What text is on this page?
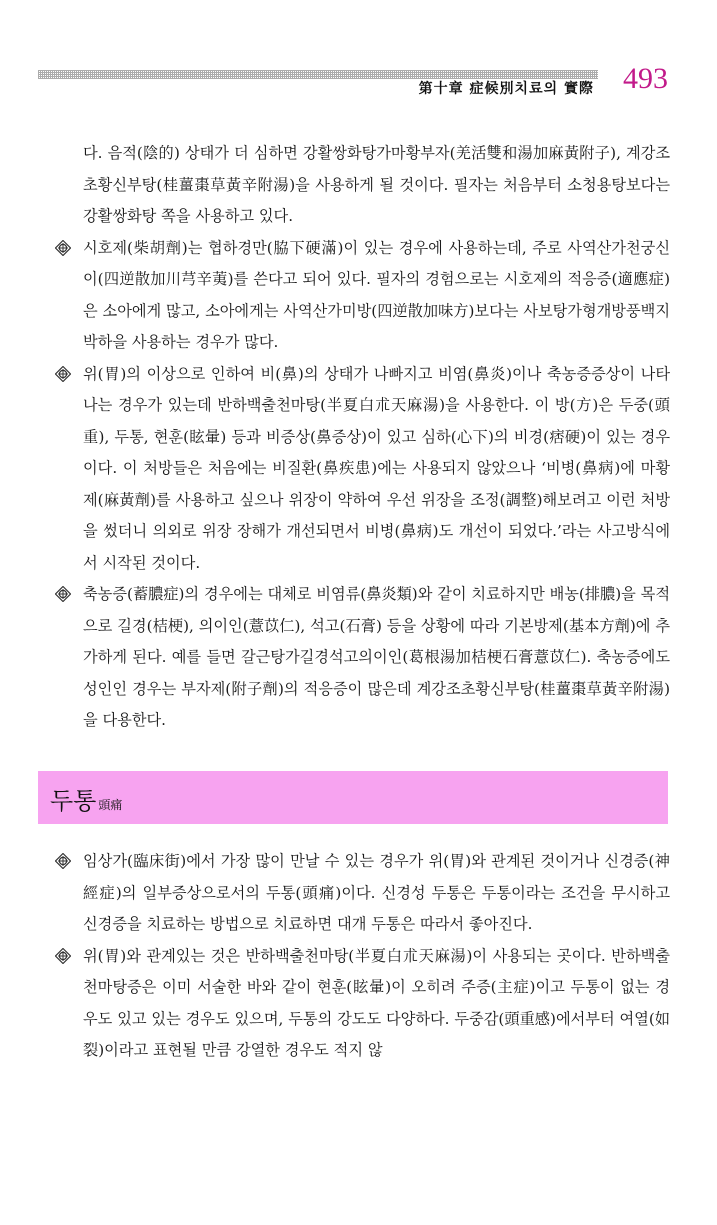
第十章 症候別치료의 實際 493

다. 음적(陰的) 상태가 더 심하면 강활쌍화탕가마황부자(羌活雙和湯加麻黃附子), 계강조초황신부탕(桂薑棗草黃辛附湯)을 사용하게 될 것이다. 필자는 처음부터 소청용탕보다는 강활쌍화탕 쪽을 사용하고 있다.

시호제(柴胡劑)는 협하경만(脇下硬滿)이 있는 경우에 사용하는데, 주로 사역산가천궁신이(四逆散加川芎辛荑)를 쓴다고 되어 있다. 필자의 경험으로는 시호제의 적응증(適應症)은 소아에게 많고, 소아에게는 사역산가미방(四逆散加味方)보다는 사보탕가형개방풍백지박하을 사용하는 경우가 많다.

위(胃)의 이상으로 인하여 비(鼻)의 상태가 나빠지고 비염(鼻炎)이나 축농증증상이 나타나는 경우가 있는데 반하백출천마탕(半夏白朮天麻湯)을 사용한다. 이 방(方)은 두중(頭重), 두통, 현훈(眩暈) 등과 비증상(鼻증상)이 있고 심하(心下)의 비경(痞硬)이 있는 경우이다. 이 처방들은 처음에는 비질환(鼻疾患)에는 사용되지 않았으나 ‘비병(鼻病)에 마황제(麻黃劑)를 사용하고 싶으나 위장이 약하여 우선 위장을 조정(調整)해보려고 이런 처방을 썼더니 의외로 위장 장해가 개선되면서 비병(鼻病)도 개선이 되었다.’라는 사고방식에서 시작된 것이다.

축농증(蓄膿症)의 경우에는 대체로 비염류(鼻炎類)와 같이 치료하지만 배농(排膿)을 목적으로 길경(桔梗), 의이인(薏苡仁), 석고(石膏) 등을 상황에 따라 기본방제(基本方劑)에 추가하게 된다. 예를 들면 갈근탕가길경석고의이인(葛根湯加桔梗石膏薏苡仁). 축농증에도 성인인 경우는 부자제(附子劑)의 적응증이 많은데 계강조초황신부탕(桂薑棗草黃辛附湯)을 다용한다.

두통 頭痛

임상가(臨床街)에서 가장 많이 만날 수 있는 경우가 위(胃)와 관계된 것이거나 신경증(神經症)의 일부증상으로서의 두통(頭痛)이다. 신경성 두통은 두통이라는 조건을 무시하고 신경증을 치료하는 방법으로 치료하면 대개 두통은 따라서 좋아진다.

위(胃)와 관계있는 것은 반하백출천마탕(半夏白朮天麻湯)이 사용되는 곳이다. 반하백출천마탕증은 이미 서술한 바와 같이 현훈(眩暈)이 오히려 주증(主症)이고 두통이 없는 경우도 있고 있는 경우도 있으며, 두통의 강도도 다양하다. 두중감(頭重感)에서부터 여열(如裂)이라고 표현될 만큼 강열한 경우도 적지 않
